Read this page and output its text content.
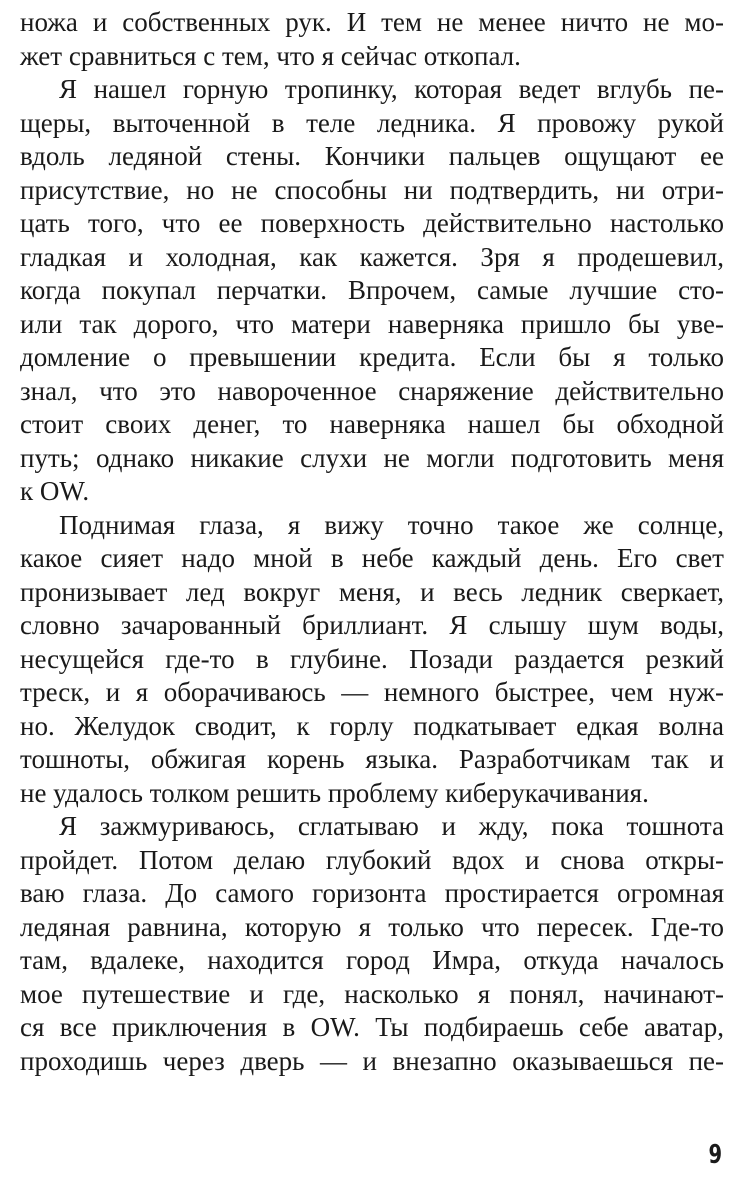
ножа и собственных рук. И тем не менее ничто не мо-
жет сравниться с тем, что я сейчас откопал.
Я нашел горную тропинку, которая ведет вглубь пе-
щеры, выточенной в теле ледника. Я провожу рукой
вдоль ледяной стены. Кончики пальцев ощущают ее
присутствие, но не способны ни подтвердить, ни отри-
цать того, что ее поверхность действительно настолько
гладкая и холодная, как кажется. Зря я продешевил,
когда покупал перчатки. Впрочем, самые лучшие сто-
или так дорого, что матери наверняка пришло бы уве-
домление о превышении кредита. Если бы я только
знал, что это навороченное снаряжение действительно
стоит своих денег, то наверняка нашел бы обходной
путь; однако никакие слухи не могли подготовить меня
к OW.
Поднимая глаза, я вижу точно такое же солнце,
какое сияет надо мной в небе каждый день. Его свет
пронизывает лед вокруг меня, и весь ледник сверкает,
словно зачарованный бриллиант. Я слышу шум воды,
несущейся где-то в глубине. Позади раздается резкий
треск, и я оборачиваюсь — немного быстрее, чем нуж-
но. Желудок сводит, к горлу подкатывает едкая волна
тошноты, обжигая корень языка. Разработчикам так и
не удалось толком решить проблему киберукачивания.
Я зажмуриваюсь, сглатываю и жду, пока тошнота
пройдет. Потом делаю глубокий вдох и снова откры-
ваю глаза. До самого горизонта простирается огромная
ледяная равнина, которую я только что пересек. Где-то
там, вдалеке, находится город Имра, откуда началось
мое путешествие и где, насколько я понял, начинают-
ся все приключения в OW. Ты подбираешь себе аватар,
проходишь через дверь — и внезапно оказываешься пе-
9
